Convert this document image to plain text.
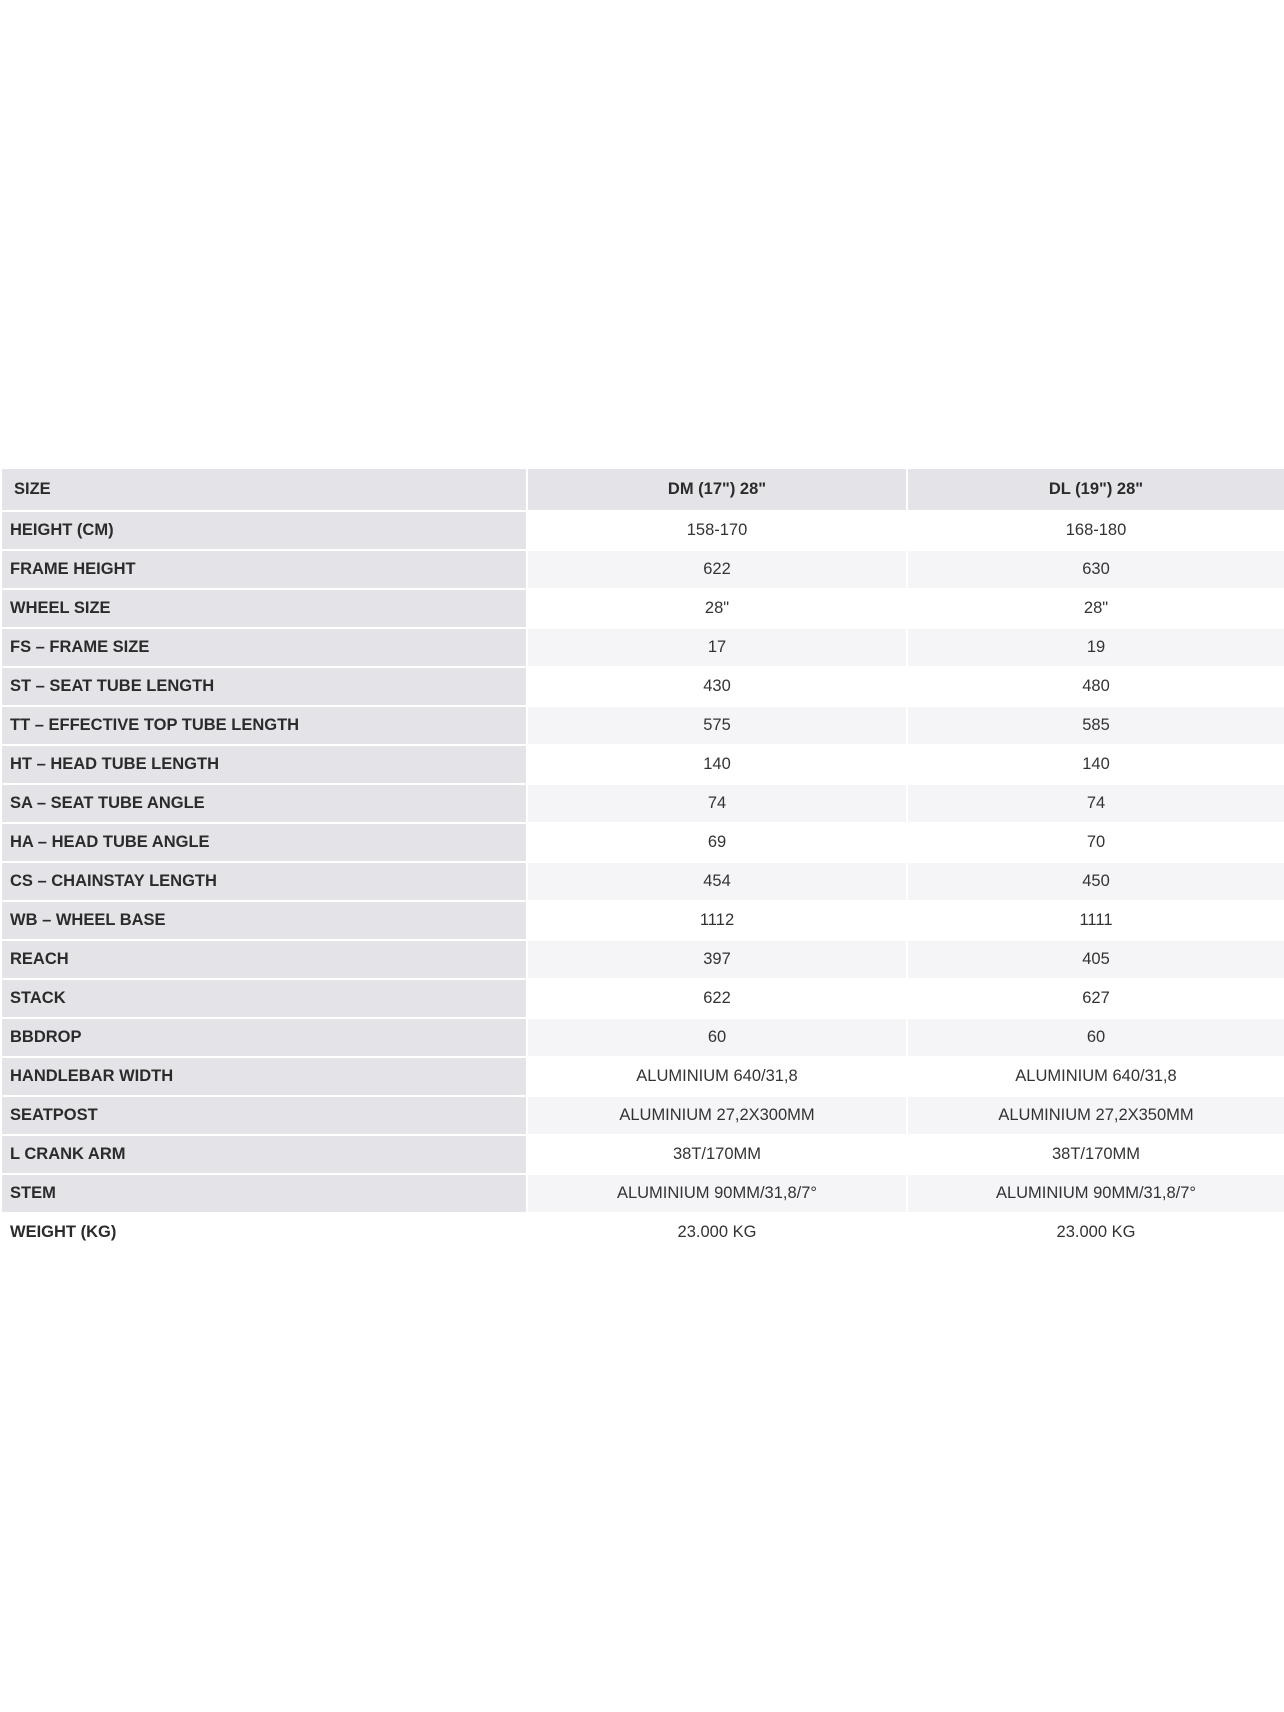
SIZE	DM (17") 28"	DL (19") 28"
HEIGHT (CM)	158-170	168-180
FRAME HEIGHT	622	630
WHEEL SIZE	28"	28"
FS – FRAME SIZE	17	19
ST – SEAT TUBE LENGTH	430	480
TT – EFFECTIVE TOP TUBE LENGTH	575	585
HT – HEAD TUBE LENGTH	140	140
SA – SEAT TUBE ANGLE	74	74
HA – HEAD TUBE ANGLE	69	70
CS – CHAINSTAY LENGTH	454	450
WB – WHEEL BASE	1112	1111
REACH	397	405
STACK	622	627
BBDROP	60	60
HANDLEBAR WIDTH	ALUMINIUM 640/31,8	ALUMINIUM 640/31,8
SEATPOST	ALUMINIUM 27,2X300MM	ALUMINIUM 27,2X350MM
L CRANK ARM	38T/170MM	38T/170MM
STEM	ALUMINIUM 90MM/31,8/7°	ALUMINIUM 90MM/31,8/7°
WEIGHT (KG)	23.000 KG	23.000 KG
